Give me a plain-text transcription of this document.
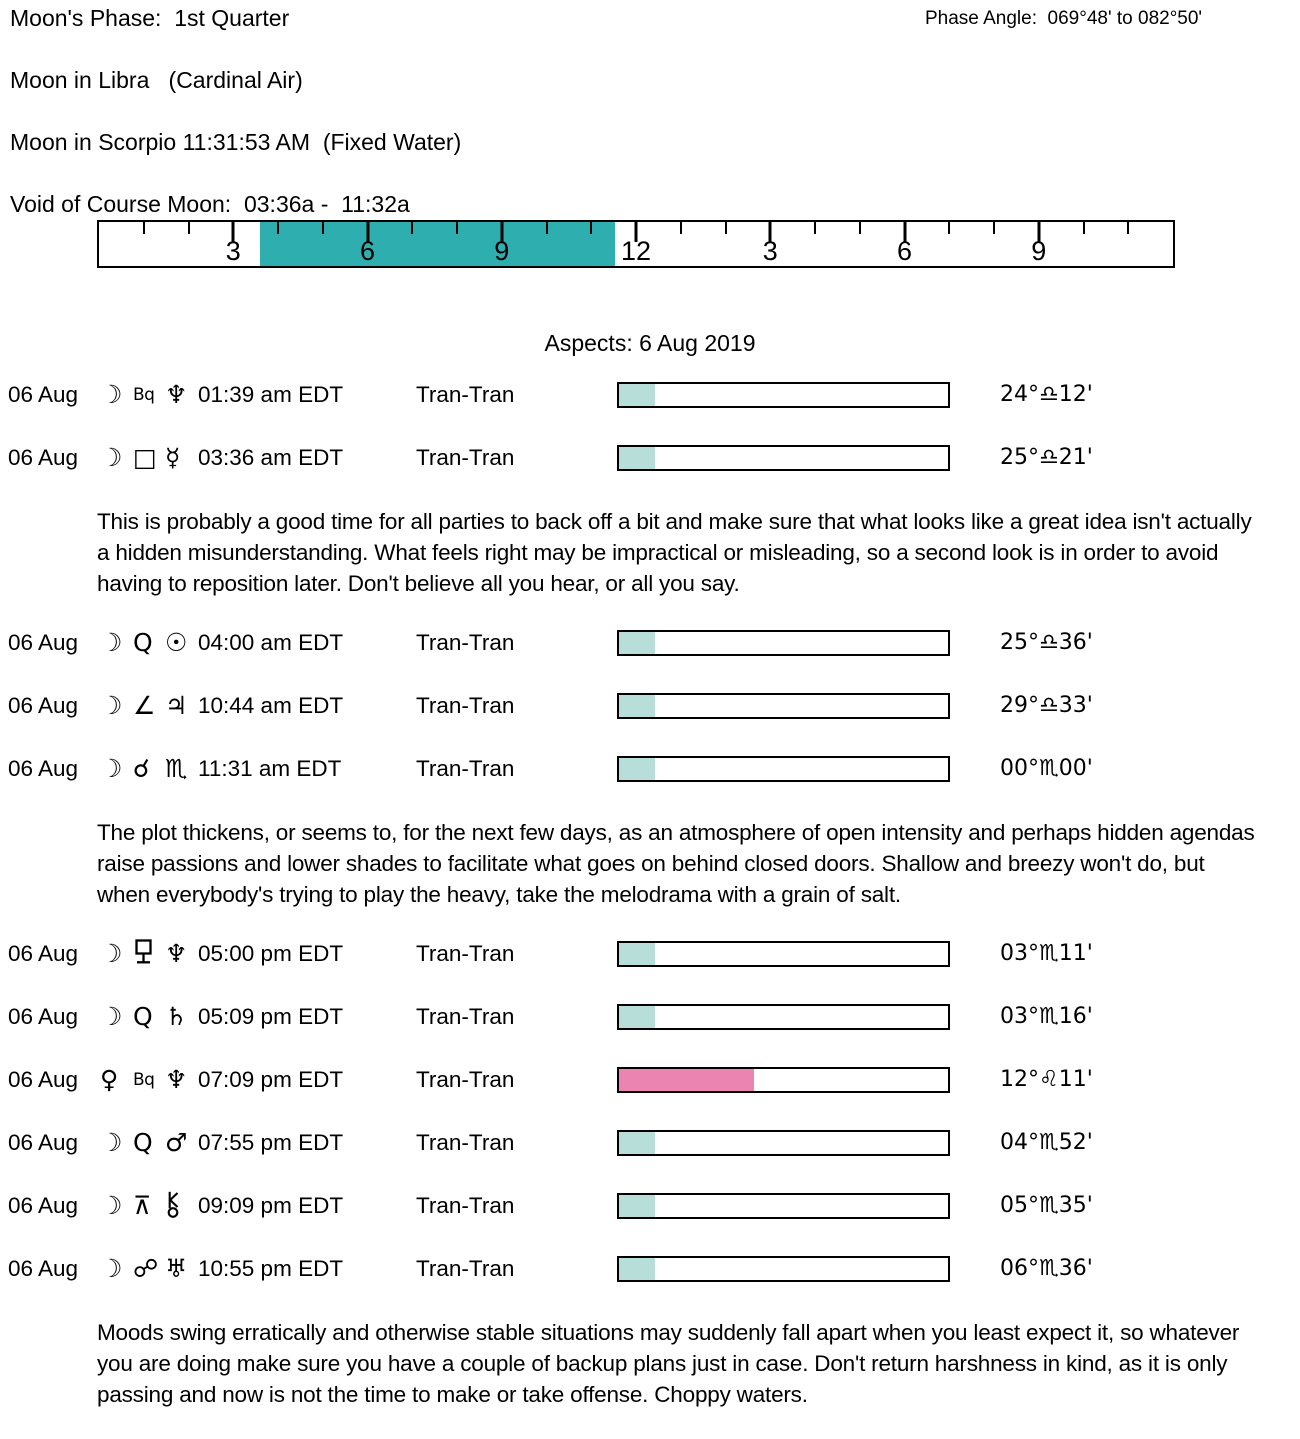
Moon's Phase:  1st Quarter	Phase Angle:  069°48' to 082°50'
Moon in Libra   (Cardinal Air)
Moon in Scorpio 11:31:53 AM  (Fixed Water)
Void of Course Moon:  03:36a -  11:32a
3	6	9	12	3	6	9
Aspects: 6 Aug 2019
06 Aug ☽ Bq ♆ 01:39 am EDT	Tran-Tran	24°♎12'
06 Aug ☽ □ ☿ 03:36 am EDT	Tran-Tran	25°♎21'
This is probably a good time for all parties to back off a bit and make sure that what looks like a great idea isn't actually a hidden misunderstanding. What feels right may be impractical or misleading, so a second look is in order to avoid having to reposition later. Don't believe all you hear, or all you say.
06 Aug ☽ Q ☉ 04:00 am EDT	Tran-Tran	25°♎36'
06 Aug ☽ ∠ ♃ 10:44 am EDT	Tran-Tran	29°♎33'
06 Aug ☽ ☌ ♏ 11:31 am EDT	Tran-Tran	00°♏00'
The plot thickens, or seems to, for the next few days, as an atmosphere of open intensity and perhaps hidden agendas raise passions and lower shades to facilitate what goes on behind closed doors. Shallow and breezy won't do, but when everybody's trying to play the heavy, take the melodrama with a grain of salt.
06 Aug ☽ ♆ 05:00 pm EDT	Tran-Tran	03°♏11'
06 Aug ☽ Q ♄ 05:09 pm EDT	Tran-Tran	03°♏16'
06 Aug ♀ Bq ♆ 07:09 pm EDT	Tran-Tran	12°♌11'
06 Aug ☽ Q ♂ 07:55 pm EDT	Tran-Tran	04°♏52'
06 Aug ☽ ⊼ 09:09 pm EDT	Tran-Tran	05°♏35'
06 Aug ☽ ☍ ♅ 10:55 pm EDT	Tran-Tran	06°♏36'
Moods swing erratically and otherwise stable situations may suddenly fall apart when you least expect it, so whatever you are doing make sure you have a couple of backup plans just in case. Don't return harshness in kind, as it is only passing and now is not the time to make or take offense. Choppy waters.
